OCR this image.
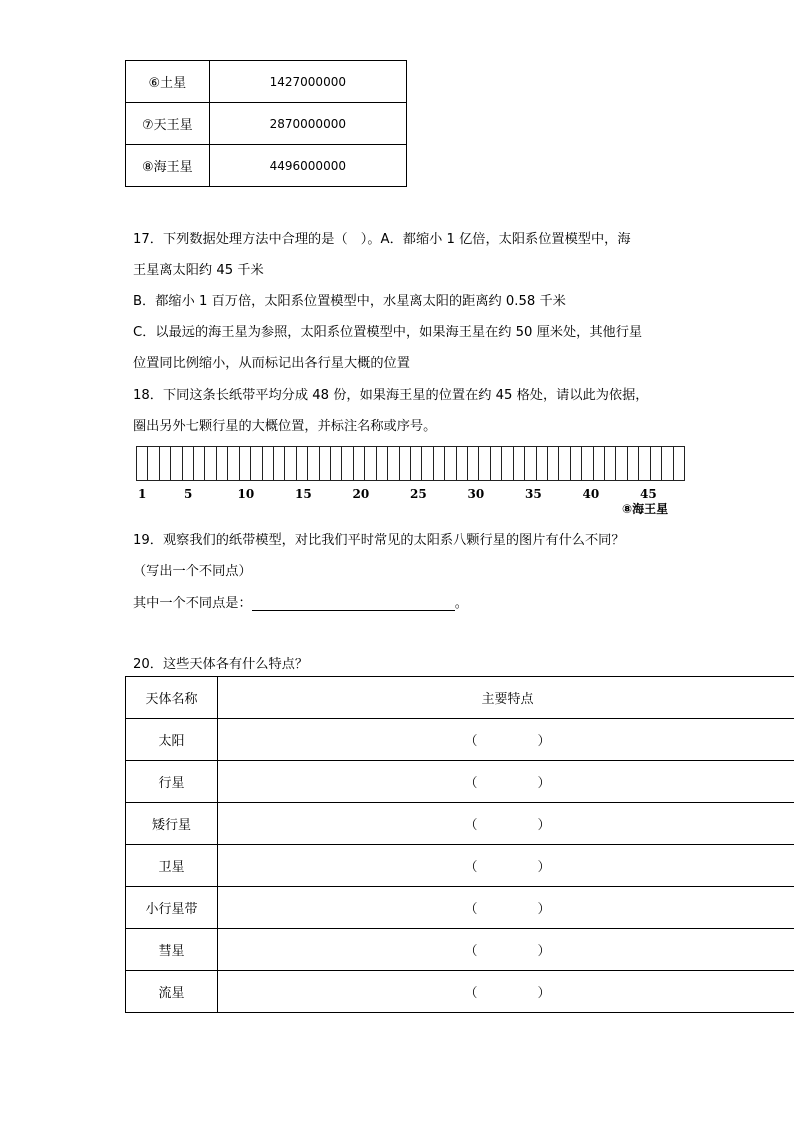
⑥土星	1427000000
⑦天王星	2870000000
⑧海王星	4496000000
17．下列数据处理方法中合理的是（　）。A．都缩小 1 亿倍，太阳系位置模型中，海
王星离太阳约 45 千米
B．都缩小 1 百万倍，太阳系位置模型中，水星离太阳的距离约 0.58 千米
C．以最远的海王星为参照，太阳系位置模型中，如果海王星在约 50 厘米处，其他行星
位置同比例缩小，从而标记出各行星大概的位置
18．下同这条长纸带平均分成 48 份，如果海王星的位置在约 45 格处，请以此为依据，
圈出另外七颗行星的大概位置，并标注名称或序号。
1	5	10	15	20	25	30	35	40	45
⑧海王星
19．观察我们的纸带模型，对比我们平时常见的太阳系八颗行星的图片有什么不同？
（写出一个不同点）
其中一个不同点是：	。
20．这些天体各有什么特点？
天体名称	主要特点
太阳	（ ）
行星	（ ）
矮行星	（ ）
卫星	（ ）
小行星带	（ ）
彗星	（ ）
流星	（ ）
